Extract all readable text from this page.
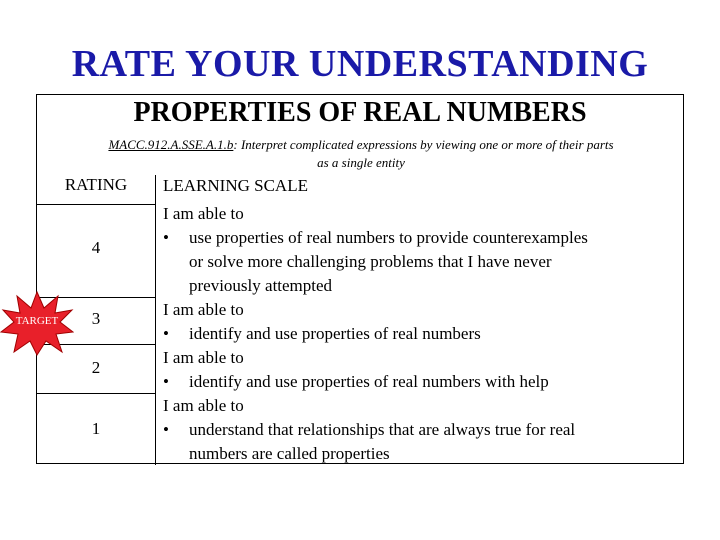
RATE YOUR UNDERSTANDING
PROPERTIES OF REAL NUMBERS
MACC.912.A.SSE.A.1.b: Interpret complicated expressions by viewing one or more of their parts
as a single entity
RATING	LEARNING SCALE
4
I am able to
• use properties of real numbers to provide counterexamples
or solve more challenging problems that I have never
previously attempted
3	I am able to
• identify and use properties of real numbers
2
I am able to
• identify and use properties of real numbers with help
1
I am able to
• understand that relationships that are always true for real
numbers are called properties
TARGET
